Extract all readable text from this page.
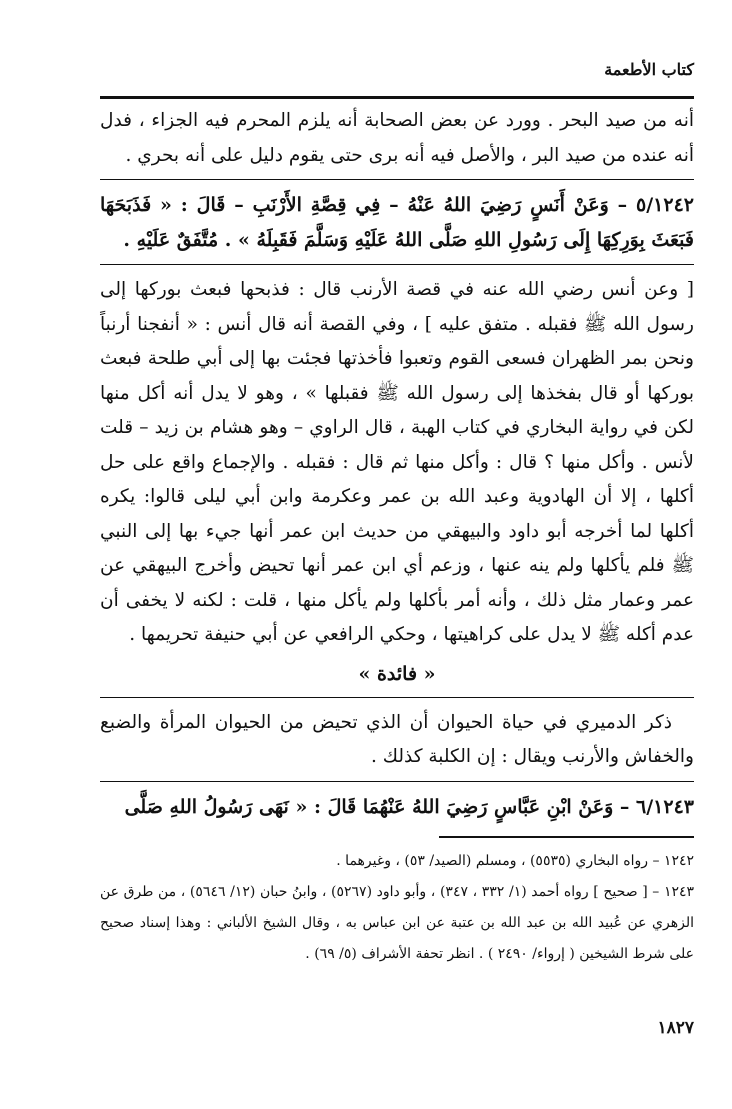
كتاب الأطعمة

أنه من صيد البحر . وورد عن بعض الصحابة أنه يلزم المحرم فيه الجزاء ، فدل أنه عنده من صيد البر ، والأصل فيه أنه برى حتى يقوم دليل على أنه بحري .

٥/١٢٤٢ – وَعَنْ أَنَسٍ رَضِيَ اللهُ عَنْهُ – فِي قِصَّةِ الأَرْنَبِ – قَالَ : « فَذَبَحَهَا فَبَعَثَ بِوَرِكِهَا إِلَى رَسُولِ اللهِ صَلَّى اللهُ عَلَيْهِ وَسَلَّمَ فَقَبِلَهُ » . مُتَّفَقٌ عَلَيْهِ .

[ وعن أنس رضي الله عنه في قصة الأرنب قال : فذبحها فبعث بوركها إلى رسول الله ﷺ فقبله . متفق عليه ] ، وفي القصة أنه قال أنس : « أنفجنا أرنباً ونحن بمر الظهران فسعى القوم وتعبوا فأخذتها فجئت بها إلى أبي طلحة فبعث بوركها أو قال بفخذها إلى رسول الله ﷺ فقبلها » ، وهو لا يدل أنه أكل منها لكن في رواية البخاري في كتاب الهبة ، قال الراوي – وهو هشام بن زيد – قلت لأنس . وأكل منها ؟ قال : وأكل منها ثم قال : فقبله . والإجماع واقع على حل أكلها ، إلا أن الهادوية وعبد الله بن عمر وعكرمة وابن أبي ليلى قالوا: يكره أكلها لما أخرجه أبو داود والبيهقي من حديث ابن عمر أنها جيء بها إلى النبي ﷺ فلم يأكلها ولم ينه عنها ، وزعم أي ابن عمر أنها تحيض وأخرج البيهقي عن عمر وعمار مثل ذلك ، وأنه أمر بأكلها ولم يأكل منها ، قلت : لكنه لا يخفى أن عدم أكله ﷺ لا يدل على كراهيتها ، وحكي الرافعي عن أبي حنيفة تحريمها .

« فائدة »

ذكر الدميري في حياة الحيوان أن الذي تحيض من الحيوان المرأة والضبع والخفاش والأرنب ويقال : إن الكلبة كذلك .

٦/١٢٤٣ – وَعَنْ ابْنِ عَبَّاسٍ رَضِيَ اللهُ عَنْهُمَا قَالَ : « نَهَى رَسُولُ اللهِ صَلَّى

١٢٤٢ – رواه البخاري (٥٥٣٥) ، ومسلم (الصيد/ ٥٣) ، وغيرهما .

١٢٤٣ – [ صحيح ] رواه أحمد (١/ ٣٣٢ ، ٣٤٧) ، وأبو داود (٥٢٦٧) ، وابنُ حبان (١٢/ ٥٦٤٦) ، من طرق عن الزهري عن عُبيد الله بن عبد الله بن عتبة عن ابن عباس به ، وقال الشيخ الألباني : وهذا إسناد صحيح على شرط الشيخين ( إرواء/ ٢٤٩٠ ) . انظر تحفة الأشراف (٥/ ٦٩) .

١٨٢٧
